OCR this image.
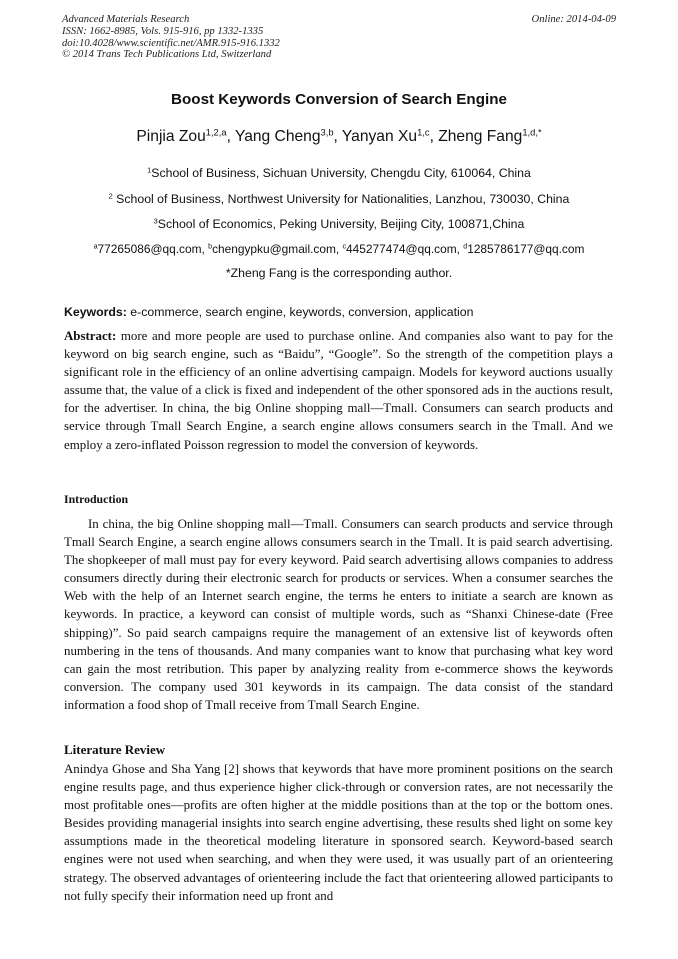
Advanced Materials Research
ISSN: 1662-8985, Vols. 915-916, pp 1332-1335
doi:10.4028/www.scientific.net/AMR.915-916.1332
© 2014 Trans Tech Publications Ltd, Switzerland
Online: 2014-04-09
Boost Keywords Conversion of Search Engine
Pinjia Zou$^{1,2,a}$, Yang Cheng$^{3,b}$, Yanyan Xu$^{1,c}$, Zheng Fang$^{1,d,*}$
$^1$School of Business, Sichuan University, Chengdu City, 610064, China
$^2$ School of Business, Northwest University for Nationalities, Lanzhou, 730030, China
$^3$School of Economics, Peking University, Beijing City, 100871,China
$^a$77265086@qq.com, $^b$chengypku@gmail.com, $^c$445277474@qq.com, $^d$1285786177@qq.com
*Zheng Fang is the corresponding author.
Keywords: e-commerce, search engine, keywords, conversion, application
Abstract: more and more people are used to purchase online. And companies also want to pay for the keyword on big search engine, such as “Baidu”, “Google”. So the strength of the competition plays a significant role in the efficiency of an online advertising campaign. Models for keyword auctions usually assume that, the value of a click is fixed and independent of the other sponsored ads in the auctions result, for the advertiser. In china, the big Online shopping mall—Tmall. Consumers can search products and service through Tmall Search Engine, a search engine allows consumers search in the Tmall. And we employ a zero-inflated Poisson regression to model the conversion of keywords.
Introduction
In china, the big Online shopping mall—Tmall. Consumers can search products and service through Tmall Search Engine, a search engine allows consumers search in the Tmall. It is paid search advertising. The shopkeeper of mall must pay for every keyword. Paid search advertising allows companies to address consumers directly during their electronic search for products or services. When a consumer searches the Web with the help of an Internet search engine, the terms he enters to initiate a search are known as keywords. In practice, a keyword can consist of multiple words, such as “Shanxi Chinese-date (Free shipping)”. So paid search campaigns require the management of an extensive list of keywords often numbering in the tens of thousands. And many companies want to know that purchasing what key word can gain the most retribution. This paper by analyzing reality from e-commerce shows the keywords conversion. The company used 301 keywords in its campaign. The data consist of the standard information a food shop of Tmall receive from Tmall Search Engine.
Literature Review
Anindya Ghose and Sha Yang [2] shows that keywords that have more prominent positions on the search engine results page, and thus experience higher click-through or conversion rates, are not necessarily the most profitable ones—profits are often higher at the middle positions than at the top or the bottom ones. Besides providing managerial insights into search engine advertising, these results shed light on some key assumptions made in the theoretical modeling literature in sponsored search. Keyword-based search engines were not used when searching, and when they were used, it was usually part of an orienteering strategy. The observed advantages of orienteering include the fact that orienteering allowed participants to not fully specify their information need up front and
